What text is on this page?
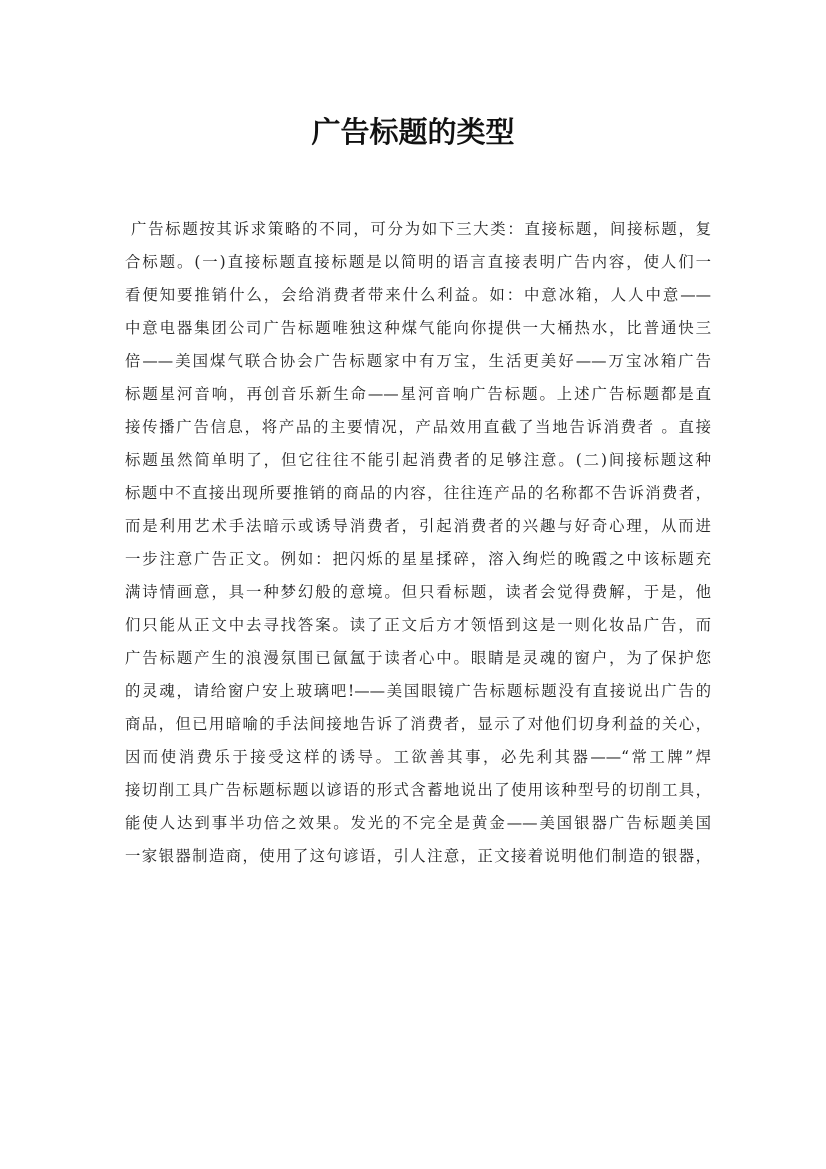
广告标题的类型
广告标题按其诉求策略的不同，可分为如下三大类：直接标题，间接标题，复
合标题。(一)直接标题直接标题是以简明的语言直接表明广告内容，使人们一
看便知要推销什么，会给消费者带来什么利益。如：中意冰箱，人人中意——
中意电器集团公司广告标题唯独这种煤气能向你提供一大桶热水，比普通快三
倍——美国煤气联合协会广告标题家中有万宝，生活更美好——万宝冰箱广告
标题星河音响，再创音乐新生命——星河音响广告标题。上述广告标题都是直
接传播广告信息，将产品的主要情况，产品效用直截了当地告诉消费者 。直接
标题虽然简单明了，但它往往不能引起消费者的足够注意。(二)间接标题这种
标题中不直接出现所要推销的商品的内容，往往连产品的名称都不告诉消费者，
而是利用艺术手法暗示或诱导消费者，引起消费者的兴趣与好奇心理，从而进
一步注意广告正文。例如：把闪烁的星星揉碎，溶入绚烂的晚霞之中该标题充
满诗情画意，具一种梦幻般的意境。但只看标题，读者会觉得费解，于是，他
们只能从正文中去寻找答案。读了正文后方才领悟到这是一则化妆品广告，而
广告标题产生的浪漫氛围已氤氲于读者心中。眼睛是灵魂的窗户，为了保护您
的灵魂，请给窗户安上玻璃吧!——美国眼镜广告标题标题没有直接说出广告的
商品，但已用暗喻的手法间接地告诉了消费者，显示了对他们切身利益的关心，
因而使消费乐于接受这样的诱导。工欲善其事，必先利其器——“常工牌”焊
接切削工具广告标题标题以谚语的形式含蓄地说出了使用该种型号的切削工具，
能使人达到事半功倍之效果。发光的不完全是黄金——美国银器广告标题美国
一家银器制造商，使用了这句谚语，引人注意，正文接着说明他们制造的银器，
